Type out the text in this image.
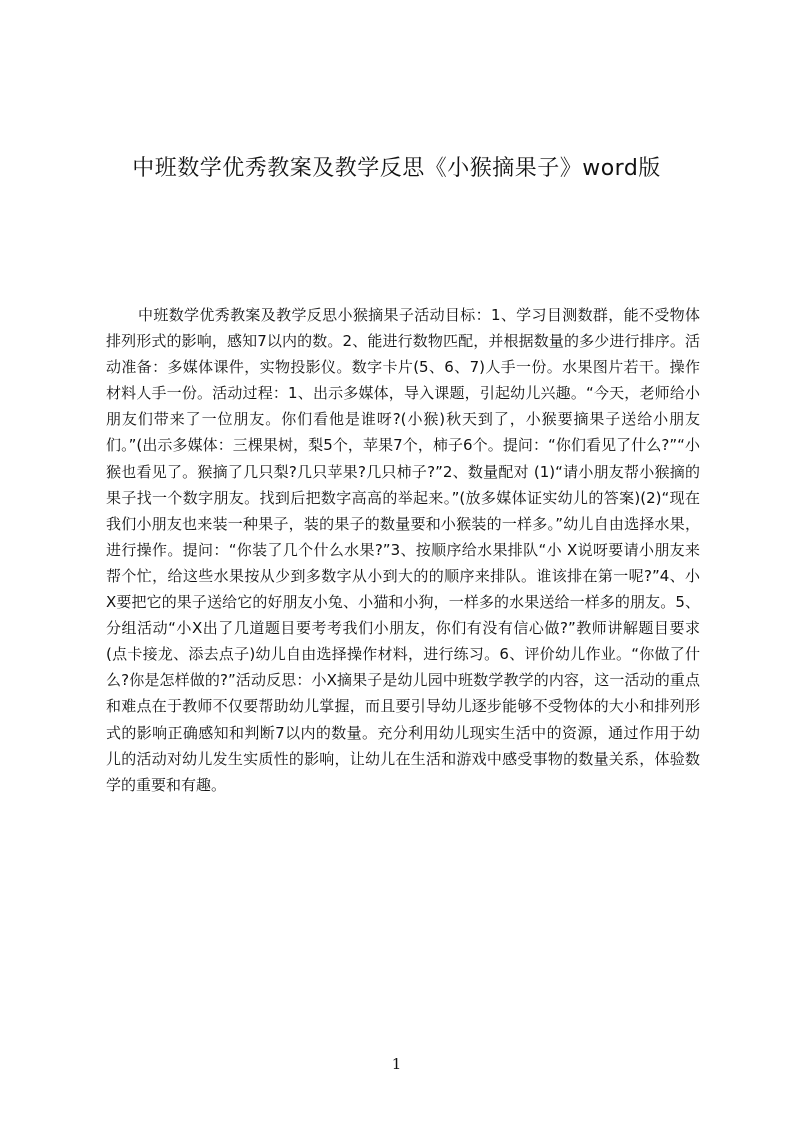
中班数学优秀教案及教学反思《小猴摘果子》word版

中班数学优秀教案及教学反思小猴摘果子活动目标：1、学习目测数群，能不受物体排列形式的影响，感知7以内的数。2、能进行数物匹配，并根据数量的多少进行排序。活动准备：多媒体课件，实物投影仪。数字卡片(5、6、7)人手一份。水果图片若干。操作材料人手一份。活动过程：1、出示多媒体，导入课题，引起幼儿兴趣。“今天，老师给小朋友们带来了一位朋友。你们看他是谁呀?(小猴)秋天到了，小猴要摘果子送给小朋友们。”(出示多媒体：三棵果树，梨5个，苹果7个，柿子6个。提问：“你们看见了什么?”“小猴也看见了。猴摘了几只梨?几只苹果?几只柿子?”2、数量配对 (1)“请小朋友帮小猴摘的果子找一个数字朋友。找到后把数字高高的举起来。”(放多媒体证实幼儿的答案)(2)“现在我们小朋友也来装一种果子，装的果子的数量要和小猴装的一样多。”幼儿自由选择水果，进行操作。提问：“你装了几个什么水果?”3、按顺序给水果排队“小 X说呀要请小朋友来帮个忙，给这些水果按从少到多数字从小到大的的顺序来排队。谁该排在第一呢?”4、小 X要把它的果子送给它的好朋友小兔、小猫和小狗，一样多的水果送给一样多的朋友。5、分组活动“小X出了几道题目要考考我们小朋友，你们有没有信心做?”教师讲解题目要求(点卡接龙、添去点子)幼儿自由选择操作材料，进行练习。6、评价幼儿作业。“你做了什么?你是怎样做的?”活动反思：小X摘果子是幼儿园中班数学教学的内容，这一活动的重点和难点在于教师不仅要帮助幼儿掌握，而且要引导幼儿逐步能够不受物体的大小和排列形式的影响正确感知和判断7以内的数量。充分利用幼儿现实生活中的资源，通过作用于幼儿的活动对幼儿发生实质性的影响，让幼儿在生活和游戏中感受事物的数量关系，体验数学的重要和有趣。

1
